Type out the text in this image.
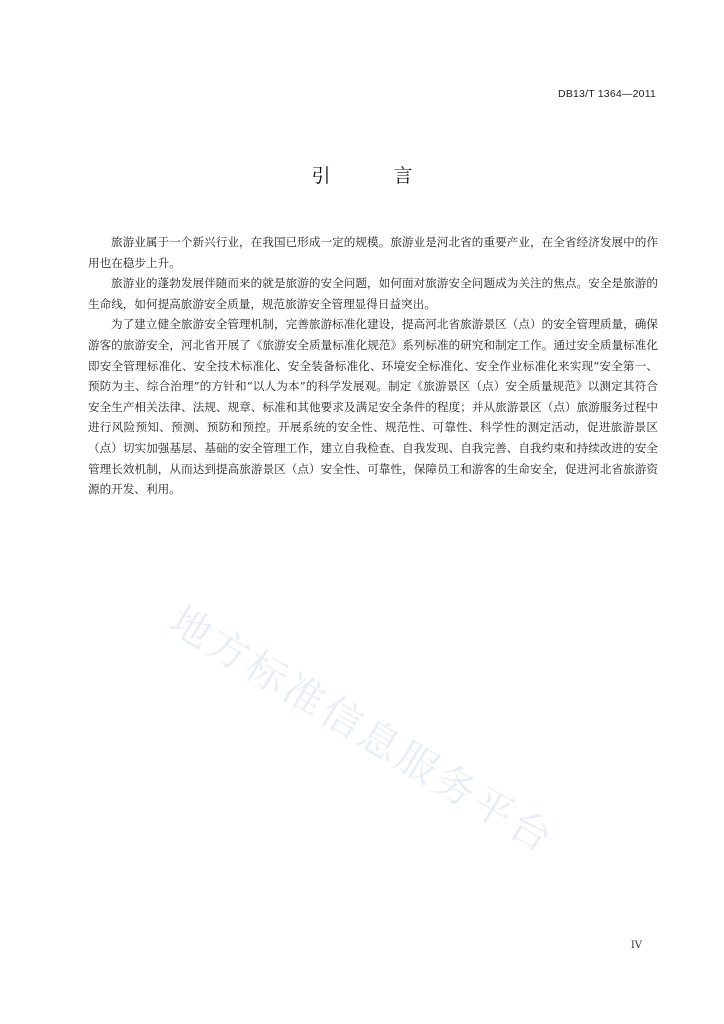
DB13/T 1364—2011
引　言

旅游业属于一个新兴行业，在我国已形成一定的规模。旅游业是河北省的重要产业，在全省经济发展中的作用也在稳步上升。

旅游业的蓬勃发展伴随而来的就是旅游的安全问题，如何面对旅游安全问题成为关注的焦点。安全是旅游的生命线，如何提高旅游安全质量，规范旅游安全管理显得日益突出。

为了建立健全旅游安全管理机制，完善旅游标准化建设，提高河北省旅游景区（点）的安全管理质量，确保游客的旅游安全，河北省开展了《旅游安全质量标准化规范》系列标准的研究和制定工作。通过安全质量标准化即安全管理标准化、安全技术标准化、安全装备标准化、环境安全标准化、安全作业标准化来实现“安全第一、预防为主、综合治理”的方针和“以人为本”的科学发展观。制定《旅游景区（点）安全质量规范》以测定其符合安全生产相关法律、法规、规章、标准和其他要求及满足安全条件的程度；并从旅游景区（点）旅游服务过程中进行风险预知、预测、预防和预控。开展系统的安全性、规范性、可靠性、科学性的测定活动，促进旅游景区（点）切实加强基层、基础的安全管理工作，建立自我检查、自我发现、自我完善、自我约束和持续改进的安全管理长效机制，从而达到提高旅游景区（点）安全性、可靠性，保障员工和游客的生命安全，促进河北省旅游资源的开发、利用。

地方标准信息服务平台
IV
